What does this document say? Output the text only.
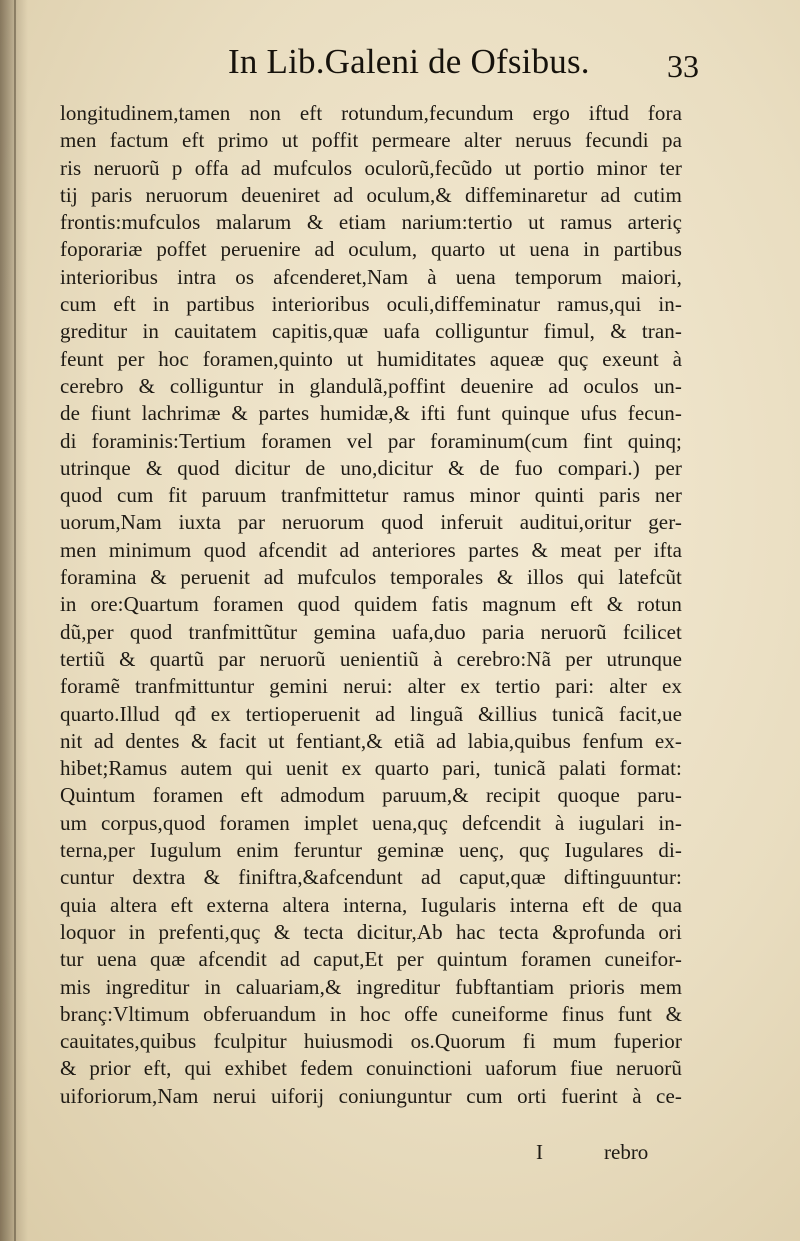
In Lib.Galeni de Ofsibus. 33
longitudinem,tamen non eft rotundum,fecundum ergo iftud fora
men factum eft primo ut poffit permeare alter neruus fecundi pa
ris neruorũ p offa ad mufculos oculorũ,fecũdo ut portio minor ter
tij paris neruorum deueniret ad oculum,& diffeminaretur ad cutim
frontis:mufculos malarum & etiam narium:tertio ut ramus arteriç
foporariæ poffet peruenire ad oculum, quarto ut uena in partibus
interioribus intra os afcenderet,Nam à uena temporum maiori,
cum eft in partibus interioribus oculi,diffeminatur ramus,qui in-
greditur in cauitatem capitis,quæ uafa colliguntur fimul, & tran-
feunt per hoc foramen,quinto ut humiditates aqueæ quç exeunt à
cerebro & colliguntur in glandulã,poffint deuenire ad oculos un-
de fiunt lachrimæ & partes humidæ,& ifti funt quinque ufus fecun-
di foraminis:Tertium foramen vel par foraminum(cum fint quinq;
utrinque & quod dicitur de uno,dicitur & de fuo compari.) per
quod cum fit paruum tranfmittetur ramus minor quinti paris ner
uorum,Nam iuxta par neruorum quod inferuit auditui,oritur ger-
men minimum quod afcendit ad anteriores partes & meat per ifta
foramina & peruenit ad mufculos temporales & illos qui latefcũt
in ore:Quartum foramen quod quidem fatis magnum eft & rotun
dũ,per quod tranfmittũtur gemina uafa,duo paria neruorũ fcilicet
tertiũ & quartũ par neruorũ uenientiũ à cerebro:Nã per utrunque
foramẽ tranfmittuntur gemini nerui: alter ex tertio pari: alter ex
quarto.Illud qđ ex tertioperuenit ad linguã &illius tunicã facit,ue
nit ad dentes & facit ut fentiant,& etiã ad labia,quibus fenfum ex-
hibet;Ramus autem qui uenit ex quarto pari, tunicã palati format:
Quintum foramen eft admodum paruum,& recipit quoque paru-
um corpus,quod foramen implet uena,quç defcendit à iugulari in-
terna,per Iugulum enim feruntur geminæ uenç, quç Iugulares di-
cuntur dextra & finiftra,&afcendunt ad caput,quæ diftinguuntur:
quia altera eft externa altera interna, Iugularis interna eft de qua
loquor in prefenti,quç & tecta dicitur,Ab hac tecta &profunda ori
tur uena quæ afcendit ad caput,Et per quintum foramen cuneifor-
mis ingreditur in caluariam,& ingreditur fubftantiam prioris mem
branç:Vltimum obferuandum in hoc offe cuneiforme finus funt &
cauitates,quibus fculpitur huiusmodi os.Quorum fi mum fuperior
& prior eft, qui exhibet fedem conuinctioni uaforum fiue neruorũ
uiforiorum,Nam nerui uiforij coniunguntur cum orti fuerint à ce-
I	rebro
